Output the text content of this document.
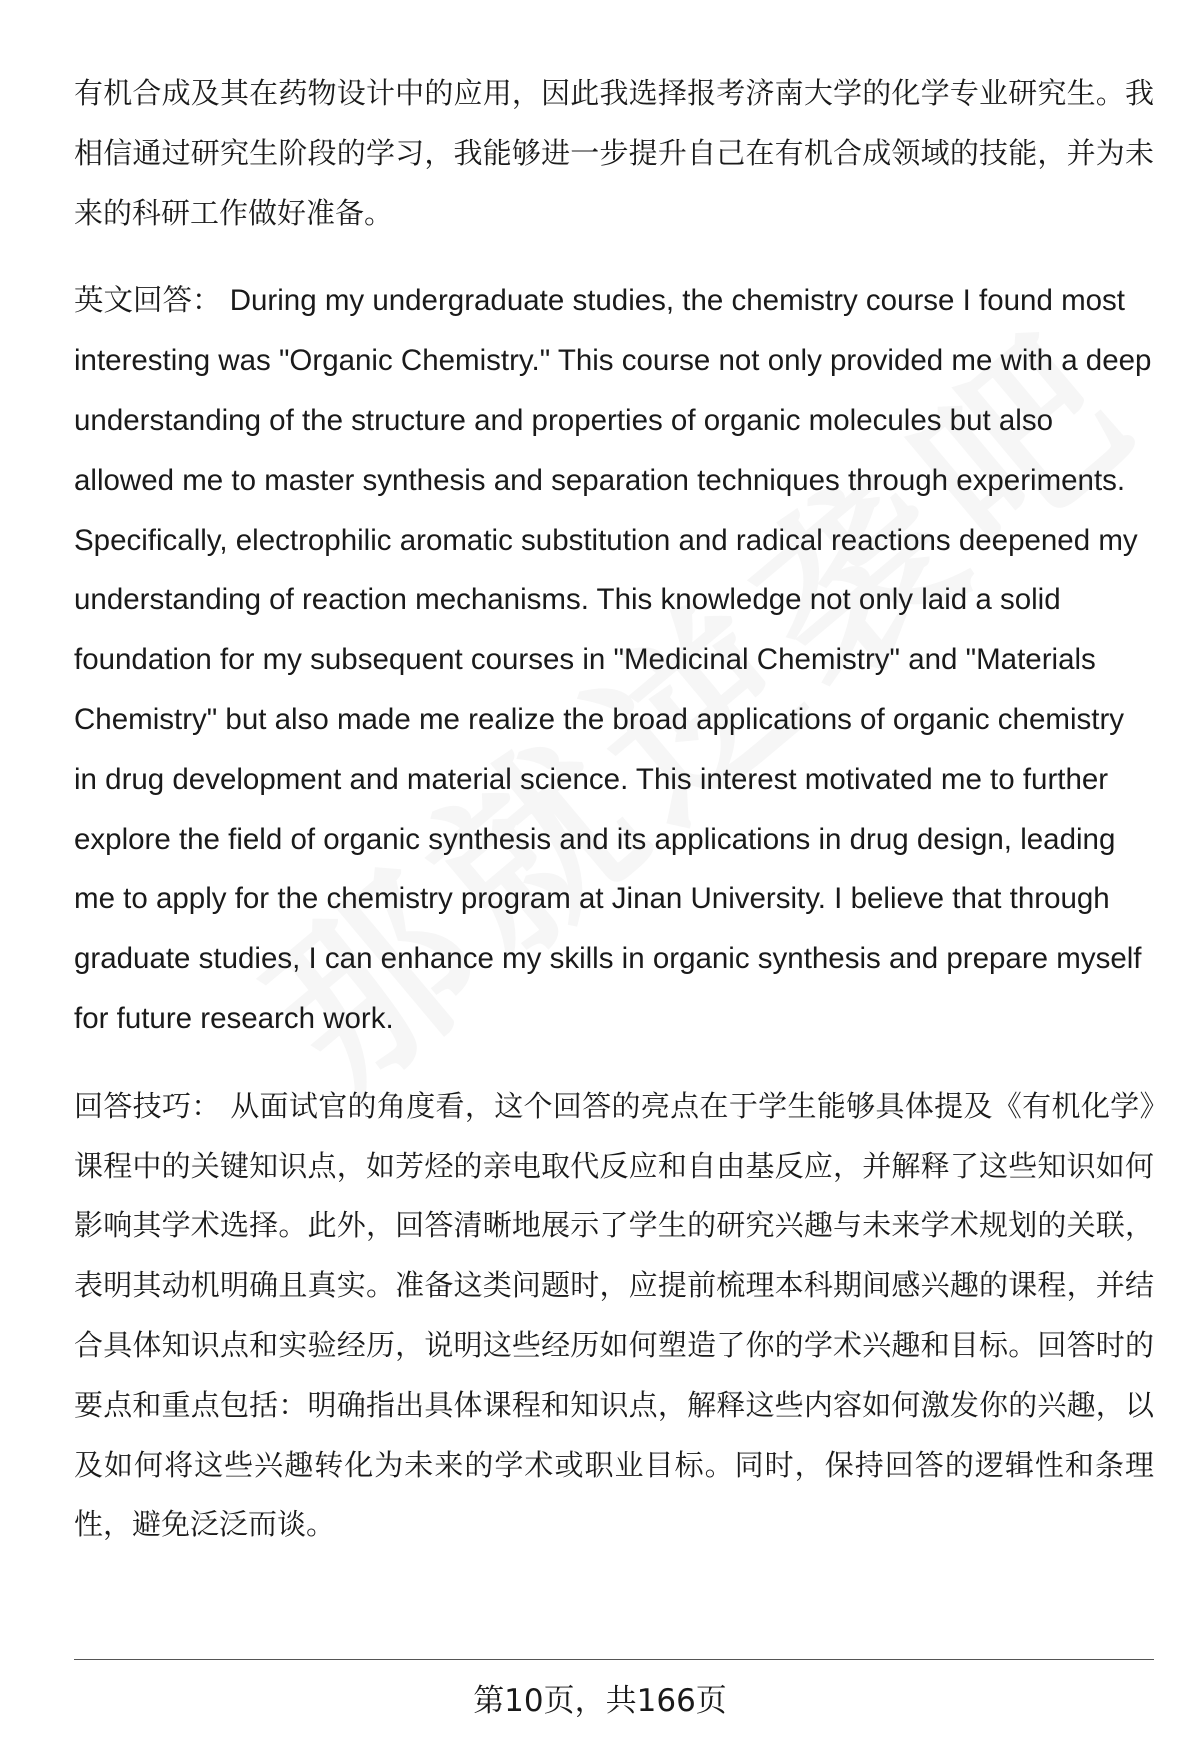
有机合成及其在药物设计中的应用，因此我选择报考济南大学的化学专业研究生。我相信通过研究生阶段的学习，我能够进一步提升自己在有机合成领域的技能，并为未来的科研工作做好准备。

英文回答： During my undergraduate studies, the chemistry course I found most interesting was "Organic Chemistry." This course not only provided me with a deep understanding of the structure and properties of organic molecules but also allowed me to master synthesis and separation techniques through experiments. Specifically, electrophilic aromatic substitution and radical reactions deepened my understanding of reaction mechanisms. This knowledge not only laid a solid foundation for my subsequent courses in "Medicinal Chemistry" and "Materials Chemistry" but also made me realize the broad applications of organic chemistry in drug development and material science. This interest motivated me to further explore the field of organic synthesis and its applications in drug design, leading me to apply for the chemistry program at Jinan University. I believe that through graduate studies, I can enhance my skills in organic synthesis and prepare myself for future research work.

回答技巧： 从面试官的角度看，这个回答的亮点在于学生能够具体提及《有机化学》课程中的关键知识点，如芳烃的亲电取代反应和自由基反应，并解释了这些知识如何影响其学术选择。此外，回答清晰地展示了学生的研究兴趣与未来学术规划的关联，表明其动机明确且真实。准备这类问题时，应提前梳理本科期间感兴趣的课程，并结合具体知识点和实验经历，说明这些经历如何塑造了你的学术兴趣和目标。回答时的要点和重点包括：明确指出具体课程和知识点，解释这些内容如何激发你的兴趣，以及如何将这些兴趣转化为未来的学术或职业目标。同时，保持回答的逻辑性和条理性，避免泛泛而谈。

第10页，共166页
